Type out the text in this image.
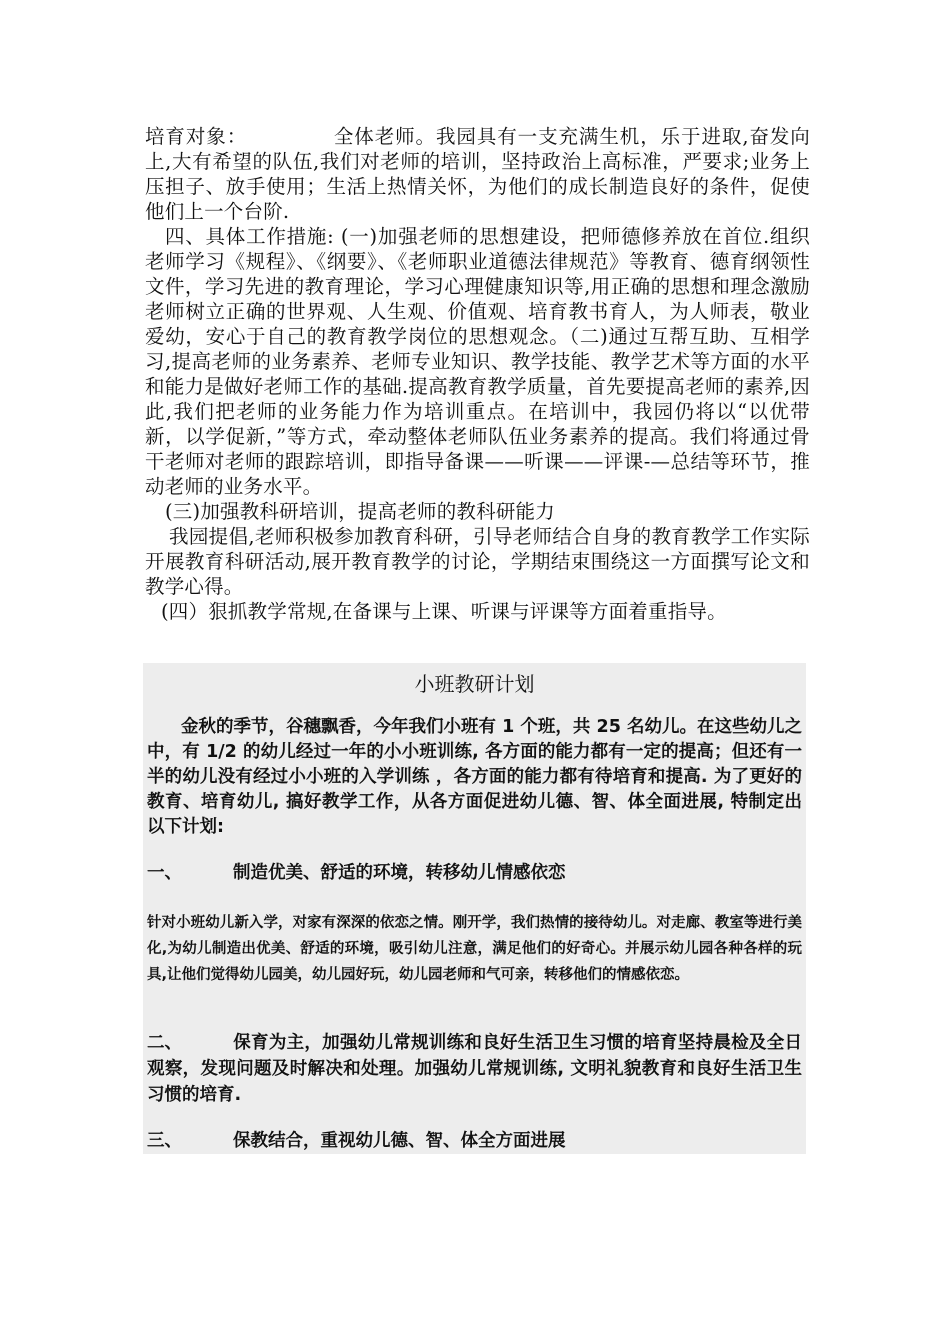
培育对象：	全体老师。我园具有一支充满生机，乐于进取,奋发向上,大有希望的队伍,我们对老师的培训，坚持政治上高标准，严要求;业务上压担子、放手使用；生活上热情关怀，为他们的成长制造良好的条件，促使他们上一个台阶.

四、具体工作措施: (一)加强老师的思想建设，把师德修养放在首位.组织老师学习《规程》、《纲要》、《老师职业道德法律规范》等教育、德育纲领性文件，学习先进的教育理论，学习心理健康知识等,用正确的思想和理念激励老师树立正确的世界观、人生观、价值观、培育教书育人，为人师表，敬业爱幼，安心于自己的教育教学岗位的思想观念。（二)通过互帮互助、互相学习,提高老师的业务素养、老师专业知识、教学技能、教学艺术等方面的水平和能力是做好老师工作的基础.提高教育教学质量，首先要提高老师的素养,因此,我们把老师的业务能力作为培训重点。在培训中，我园仍将以“以优带新，以学促新，”等方式，牵动整体老师队伍业务素养的提高。我们将通过骨干老师对老师的跟踪培训，即指导备课——听课——评课-—总结等环节，推动老师的业务水平。

(三)加强教科研培训，提高老师的教科研能力

我园提倡,老师积极参加教育科研，引导老师结合自身的教育教学工作实际开展教育科研活动,展开教育教学的讨论，学期结束围绕这一方面撰写论文和教学心得。

(四）狠抓教学常规,在备课与上课、听课与评课等方面着重指导。

小班教研计划

金秋的季节，谷穗飘香，今年我们小班有 1 个班，共 25 名幼儿。在这些幼儿之中，有 1/2 的幼儿经过一年的小小班训练, 各方面的能力都有一定的提高；但还有一半的幼儿没有经过小小班的入学训练 ，各方面的能力都有待培育和提高. 为了更好的教育、培育幼儿, 搞好教学工作，从各方面促进幼儿德、智、体全面进展, 特制定出以下计划:

一、	制造优美、舒适的环境，转移幼儿情感依恋

针对小班幼儿新入学，对家有深深的依恋之情。刚开学，我们热情的接待幼儿。对走廊、教室等进行美化,为幼儿制造出优美、舒适的环境，吸引幼儿注意，满足他们的好奇心。并展示幼儿园各种各样的玩具,让他们觉得幼儿园美，幼儿园好玩，幼儿园老师和气可亲，转移他们的情感依恋。

二、	保育为主，加强幼儿常规训练和良好生活卫生习惯的培育坚持晨检及全日观察，发现问题及时解决和处理。加强幼儿常规训练, 文明礼貌教育和良好生活卫生习惯的培育.

三、	保教结合，重视幼儿德、智、体全方面进展
